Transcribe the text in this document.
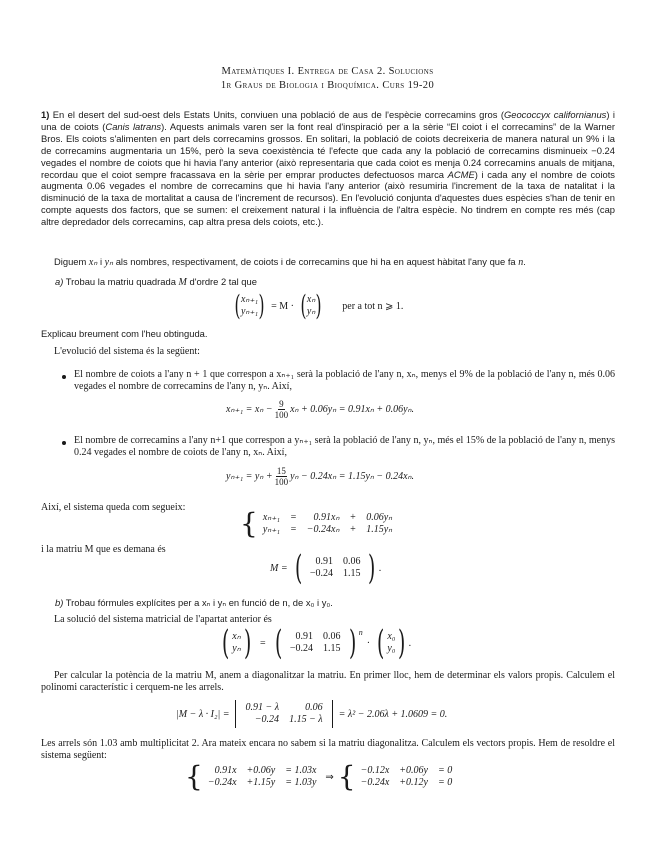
Matemàtiques I. Entrega de Casa 2. Solucions
1r Graus de Biologia i Bioquímica. Curs 19-20

1) En el desert del sud-oest dels Estats Units, conviuen una població de aus de l'espècie correcamins gros (Geococcyx californianus) i una de coiots (Canis latrans). Aquests animals varen ser la font real d'inspiració per a la sèrie “El coiot i el correcamins” de la Warner Bros. Els coiots s'alimenten en part dels correcamins grossos. En solitari, la població de coiots decreixeria de manera natural un 9% i la de correcamins augmentaria un 15%, però la seva coexistència té l'efecte que cada any la població de correcamins disminueix −0.24 vegades el nombre de coiots que hi havia l'any anterior (això representaria que cada coiot es menja 0.24 correcamins anuals de mitjana, recordau que el coiot sempre fracassava en la sèrie per emprar productes defectuosos marca ACME) i cada any el nombre de coiots augmenta 0.06 vegades el nombre de correcamins que hi havia l'any anterior (això resumiria l'increment de la taxa de natalitat i la disminució de la taxa de mortalitat a causa de l'increment de recursos). En l'evolució conjunta d'aquestes dues espècies s'han de tenir en compte aquests dos factors, que se sumen: el creixement natural i la influència de l'altra espècie. No tindrem en compte res més (cap altre depredador dels correcamins, cap altra presa dels coiots, etc.).

Diguem xₙ i yₙ als nombres, respectivament, de coiots i de correcamins que hi ha en aquest hàbitat l'any que fa n.
a) Trobau la matriu quadrada M d'ordre 2 tal que
( xₙ₊₁
yₙ₊₁ ) = M · ( xₙ
yₙ ) per a tot n ⩾ 1.
Explicau breument com l'heu obtinguda.
L'evolució del sistema és la següent:
El nombre de coiots a l'any n + 1 que correspon a xₙ₊₁ serà la població de l'any n, xₙ, menys el 9% de la població de l'any n, més 0.06 vegades el nombre de correcamins de l'any n, yₙ. Així,
$x_{n+1} = x_n - \frac{9}{100}$ xₙ + 0.06yₙ = 0.91xₙ + 0.06yₙ.
El nombre de correcamins a l'any n+1 que correspon a yₙ₊₁ serà la població de l'any n, yₙ, més el 15% de la població de l'any n, menys 0.24 vegades el nombre de coiots de l'any n, xₙ. Així,
$y_{n+1} = y_n + \frac{15}{100}$ yₙ − 0.24xₙ = 1.15yₙ − 0.24xₙ.
Així, el sistema queda com segueix:	{ xₙ₊₁	=	0.91xₙ	+	0.06yₙ
yₙ₊₁	=	−0.24xₙ	+	1.15yₙ
i la matriu M que es demana és
M = ( 0.91	0.06
−0.24	1.15 ) .
b) Trobau fórmules explícites per a xₙ i yₙ en funció de n, de x₀ i y₀.
La solució del sistema matricial de l'apartat anterior és
( xₙ
yₙ ) = ( 0.91	0.06
−0.24	1.15 ) $^n$
· ( x₀
y₀ ) .
Per calcular la potència de la matriu M, anem a diagonalitzar la matriu. En primer lloc, hem de determinar els valors propis. Calculem el polinomi característic i cerquem-ne les arrels.
|M − λ · I₂| =
0.91 − λ	0.06
−0.24	1.15 − λ = λ² − 2.06λ + 1.0609 = 0.
Les arrels són 1.03 amb multiplicitat 2. Ara mateix encara no sabem si la matriu diagonalitza. Calculem els vectors propis. Hem de resoldre el sistema següent:
{ 0.91x	+0.06y	= 1.03x
−0.24x	+1.15y	= 1.03y ⇒ { −0.12x	+0.06y	= 0
−0.24x	+0.12y	= 0
